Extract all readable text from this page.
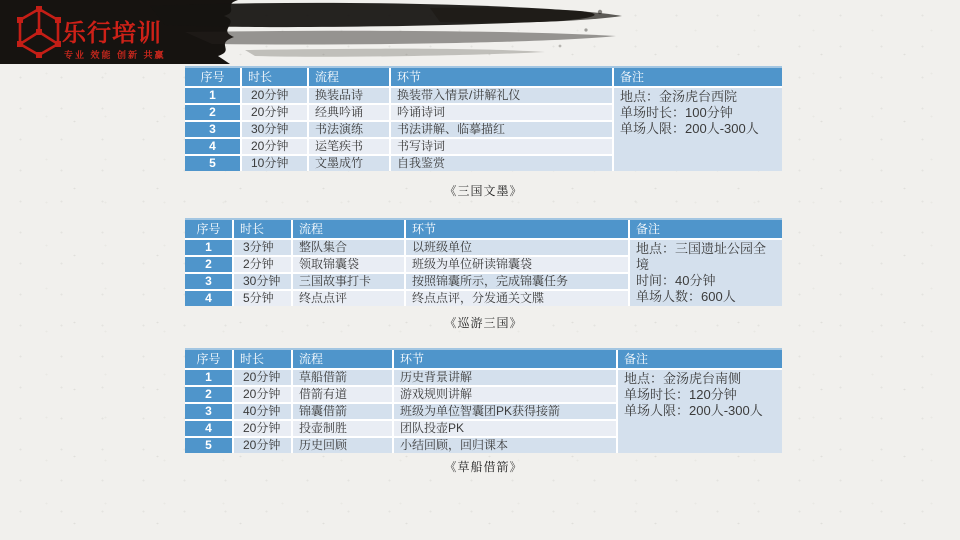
乐行培训
专业 效能 创新 共赢
序号	时长	流程	环节	备注
地点：金汤虎台西院
单场时长：100分钟
单场人限：200人-300人
1	20分钟	换装品诗	换装带入情景/讲解礼仪
2	20分钟	经典吟诵	吟诵诗词
3	30分钟	书法演练	书法讲解、临摹描红
4	20分钟	运笔疾书	书写诗词
5	10分钟	文墨成竹	自我鉴赏
《三国文墨》
序号	时长	流程	环节	备注
地点：三国遗址公园全境
时间：40分钟
单场人数：600人
1	3分钟	整队集合	以班级单位
2	2分钟	领取锦囊袋	班级为单位研读锦囊袋
3	30分钟	三国故事打卡	按照锦囊所示，完成锦囊任务
4	5分钟	终点点评	终点点评，分发通关文牒
《巡游三国》
序号	时长	流程	环节	备注
地点：金汤虎台南侧
单场时长：120分钟
单场人限：200人-300人
1	20分钟	草船借箭	历史背景讲解
2	20分钟	借箭有道	游戏规则讲解
3	40分钟	锦囊借箭	班级为单位智囊团PK获得接箭
4	20分钟	投壶制胜	团队投壶PK
5	20分钟	历史回顾	小结回顾，回归课本
《草船借箭》
